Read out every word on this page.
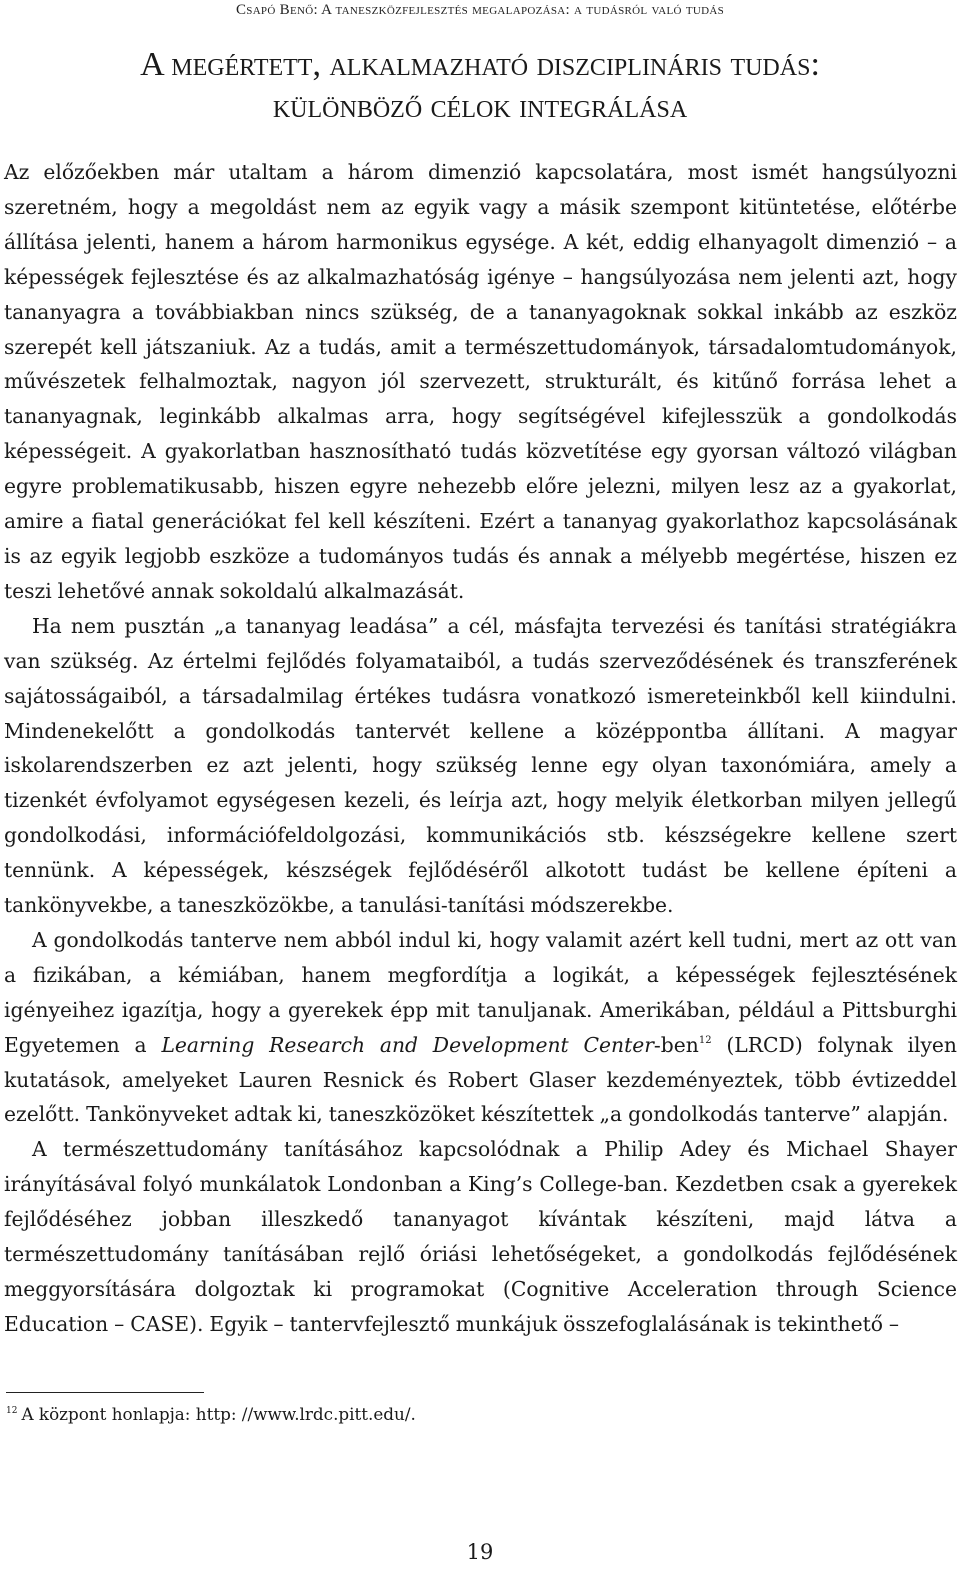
Csapó Benő: A taneszközfejlesztés megalapozása: a tudásról való tudás
A megértett, alkalmazható diszciplináris tudás:
különböző célok integrálása

Az előzőekben már utaltam a három dimenzió kapcsolatára, most ismét hangsúlyozni szeretném, hogy a megoldást nem az egyik vagy a másik szempont kitüntetése, előtérbe állítása jelenti, hanem a három harmonikus egysége. A két, eddig elhanyagolt dimenzió – a képességek fejlesztése és az alkalmazhatóság igénye – hangsúlyozása nem jelenti azt, hogy tananyagra a továbbiakban nincs szükség, de a tananyagoknak sokkal inkább az eszköz szerepét kell játszaniuk. Az a tudás, amit a természettudományok, társadalomtudományok, művészetek felhalmoztak, nagyon jól szervezett, strukturált, és kitűnő forrása lehet a tananyagnak, leginkább alkalmas arra, hogy segítségével kifejlesszük a gondolkodás képességeit. A gyakorlatban hasznosítható tudás közvetítése egy gyorsan változó világban egyre problematikusabb, hiszen egyre nehezebb előre jelezni, milyen lesz az a gyakorlat, amire a fiatal generációkat fel kell készíteni. Ezért a tananyag gyakorlathoz kapcsolásának is az egyik legjobb eszköze a tudományos tudás és annak a mélyebb megértése, hiszen ez teszi lehetővé annak sokoldalú alkalmazását.

Ha nem pusztán „a tananyag leadása” a cél, másfajta tervezési és tanítási stratégiákra van szükség. Az értelmi fejlődés folyamataiból, a tudás szerveződésének és transzferének sajátosságaiból, a társadalmilag értékes tudásra vonatkozó ismereteinkből kell kiindulni. Mindenekelőtt a gondolkodás tantervét kellene a középpontba állítani. A magyar iskolarendszerben ez azt jelenti, hogy szükség lenne egy olyan taxonómiára, amely a tizenkét évfolyamot egységesen kezeli, és leírja azt, hogy melyik életkorban milyen jellegű gondolkodási, információfeldolgozási, kommunikációs stb. készségekre kellene szert tennünk. A képességek, készségek fejlődéséről alkotott tudást be kellene építeni a tankönyvekbe, a taneszközökbe, a tanulási-tanítási módszerekbe.

A gondolkodás tanterve nem abból indul ki, hogy valamit azért kell tudni, mert az ott van a fizikában, a kémiában, hanem megfordítja a logikát, a képességek fejlesztésének igényeihez igazítja, hogy a gyerekek épp mit tanuljanak. Amerikában, például a Pittsburghi Egyetemen a Learning Research and Development Center-ben$^{12}$ (LRCD) folynak ilyen kutatások, amelyeket Lauren Resnick és Robert Glaser kezdeményeztek, több évtizeddel ezelőtt. Tankönyveket adtak ki, taneszközöket készítettek „a gondolkodás tanterve” alapján.

A természettudomány tanításához kapcsolódnak a Philip Adey és Michael Shayer irányításával folyó munkálatok Londonban a King’s College-ban. Kezdetben csak a gyerekek fejlődéséhez jobban illeszkedő tananyagot kívántak készíteni, majd látva a természettudomány tanításában rejlő óriási lehetőségeket, a gondolkodás fejlődésének meggyorsítására dolgoztak ki programokat (Cognitive Acceleration through Science Education – CASE). Egyik – tantervfejlesztő munkájuk összefoglalásának is tekinthető –

$^{12}$ A központ honlapja: http: //www.lrdc.pitt.edu/.
19
